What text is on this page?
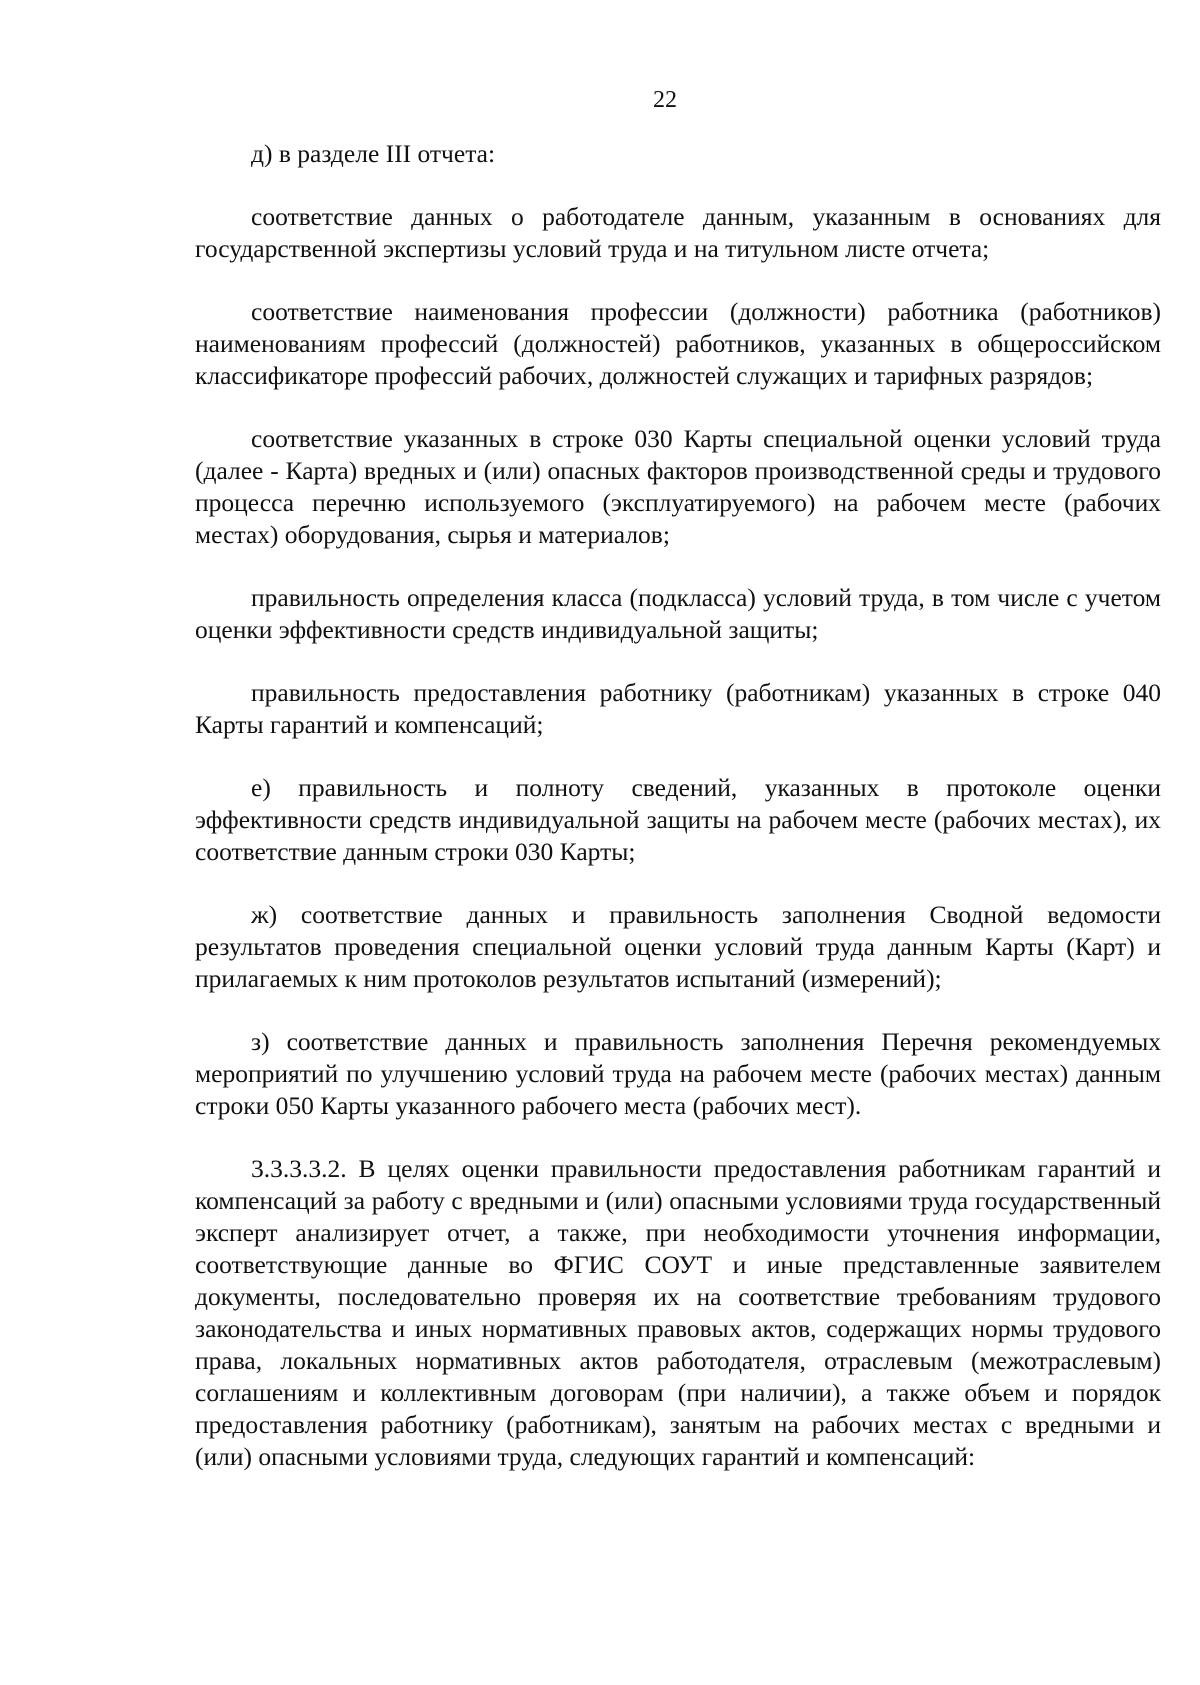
22

д) в разделе III отчета:

соответствие данных о работодателе данным, указанным в основаниях для государственной экспертизы условий труда и на титульном листе отчета;

соответствие наименования профессии (должности) работника (работников) наименованиям профессий (должностей) работников, указанных в общероссийском классификаторе профессий рабочих, должностей служащих и тарифных разрядов;

соответствие указанных в строке 030 Карты специальной оценки условий труда (далее - Карта) вредных и (или) опасных факторов производственной среды и трудового процесса перечню используемого (эксплуатируемого) на рабочем месте (рабочих местах) оборудования, сырья и материалов;

правильность определения класса (подкласса) условий труда, в том числе с учетом оценки эффективности средств индивидуальной защиты;

правильность предоставления работнику (работникам) указанных в строке 040 Карты гарантий и компенсаций;

е) правильность и полноту сведений, указанных в протоколе оценки эффективности средств индивидуальной защиты на рабочем месте (рабочих местах), их соответствие данным строки 030 Карты;

ж) соответствие данных и правильность заполнения Сводной ведомости результатов проведения специальной оценки условий труда данным Карты (Карт) и прилагаемых к ним протоколов результатов испытаний (измерений);

з) соответствие данных и правильность заполнения Перечня рекомендуемых мероприятий по улучшению условий труда на рабочем месте (рабочих местах) данным строки 050 Карты указанного рабочего места (рабочих мест).

3.3.3.3.2. В целях оценки правильности предоставления работникам гарантий и компенсаций за работу с вредными и (или) опасными условиями труда государственный эксперт анализирует отчет, а также, при необходимости уточнения информации, соответствующие данные во ФГИС СОУТ и иные представленные заявителем документы, последовательно проверяя их на соответствие требованиям трудового законодательства и иных нормативных правовых актов, содержащих нормы трудового права, локальных нормативных актов работодателя, отраслевым (межотраслевым) соглашениям и коллективным договорам (при наличии), а также объем и порядок предоставления работнику (работникам), занятым на рабочих местах с вредными и (или) опасными условиями труда, следующих гарантий и компенсаций:
